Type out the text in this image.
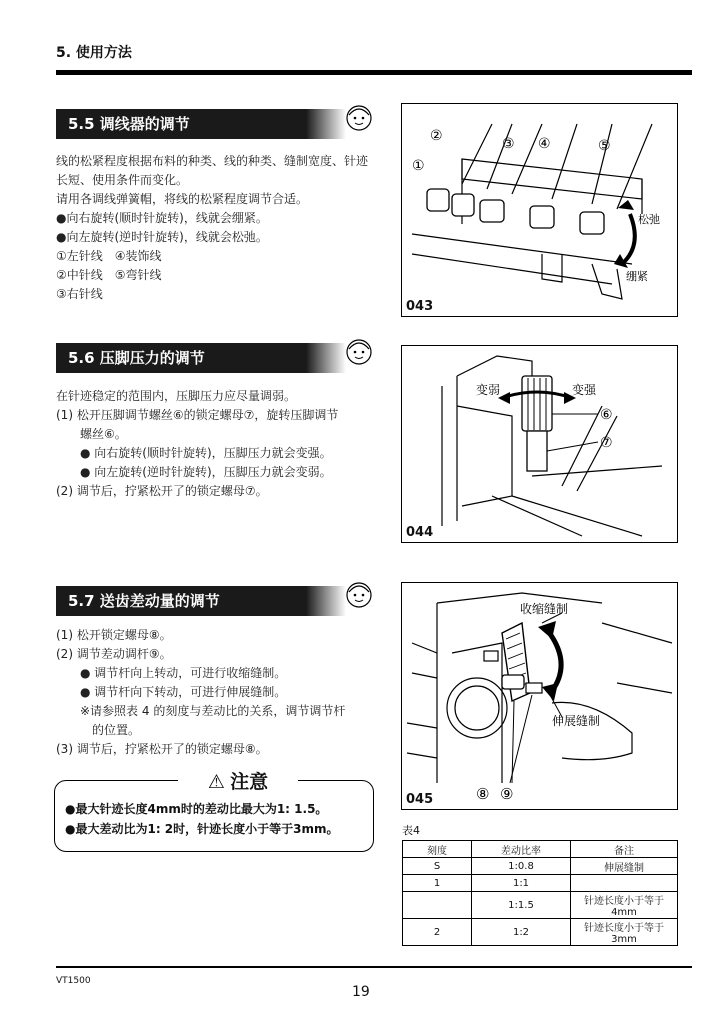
5. 使用方法
5.5 调线器的调节

线的松紧程度根据布料的种类、线的种类、缝制宽度、针迹

长短、使用条件而变化。

请用各调线弹簧帽，将线的松紧程度调节合适。

●向右旋转(顺时针旋转)，线就会绷紧。

●向左旋转(逆时针旋转)，线就会松弛。

①左针线　④装饰线

②中针线　⑤弯针线

③右针线

①
②	③ ④	⑤
松弛
绷紧
043
5.6 压脚压力的调节

在针迹稳定的范围内，压脚压力应尽量调弱。

(1) 松开压脚调节螺丝⑥的锁定螺母⑦，旋转压脚调节

螺丝⑥。

● 向右旋转(顺时针旋转)，压脚压力就会变强。

● 向左旋转(逆时针旋转)，压脚压力就会变弱。

(2) 调节后，拧紧松开了的锁定螺母⑦。

变弱	变强
⑥
⑦
044
5.7 送齿差动量的调节

(1) 松开锁定螺母⑧。

(2) 调节差动调杆⑨。

● 调节杆向上转动，可进行收缩缝制。

● 调节杆向下转动，可进行伸展缝制。

※请参照表 4 的刻度与差动比的关系，调节调节杆

的位置。

(3) 调节后，拧紧松开了的锁定螺母⑧。

⚠ 注意
●最大针迹长度4mm时的差动比最大为1: 1.5。
●最大差动比为1: 2时，针迹长度小于等于3mm。
收缩缝制
伸展缝制
⑧ ⑨
045
表4
刻度	差动比率	备注
S	1:0.8	伸展缝制
1	1:1	
	1:1.5	针迹长度小于等于4mm
2	1:2	针迹长度小于等于3mm
VT1500
19
